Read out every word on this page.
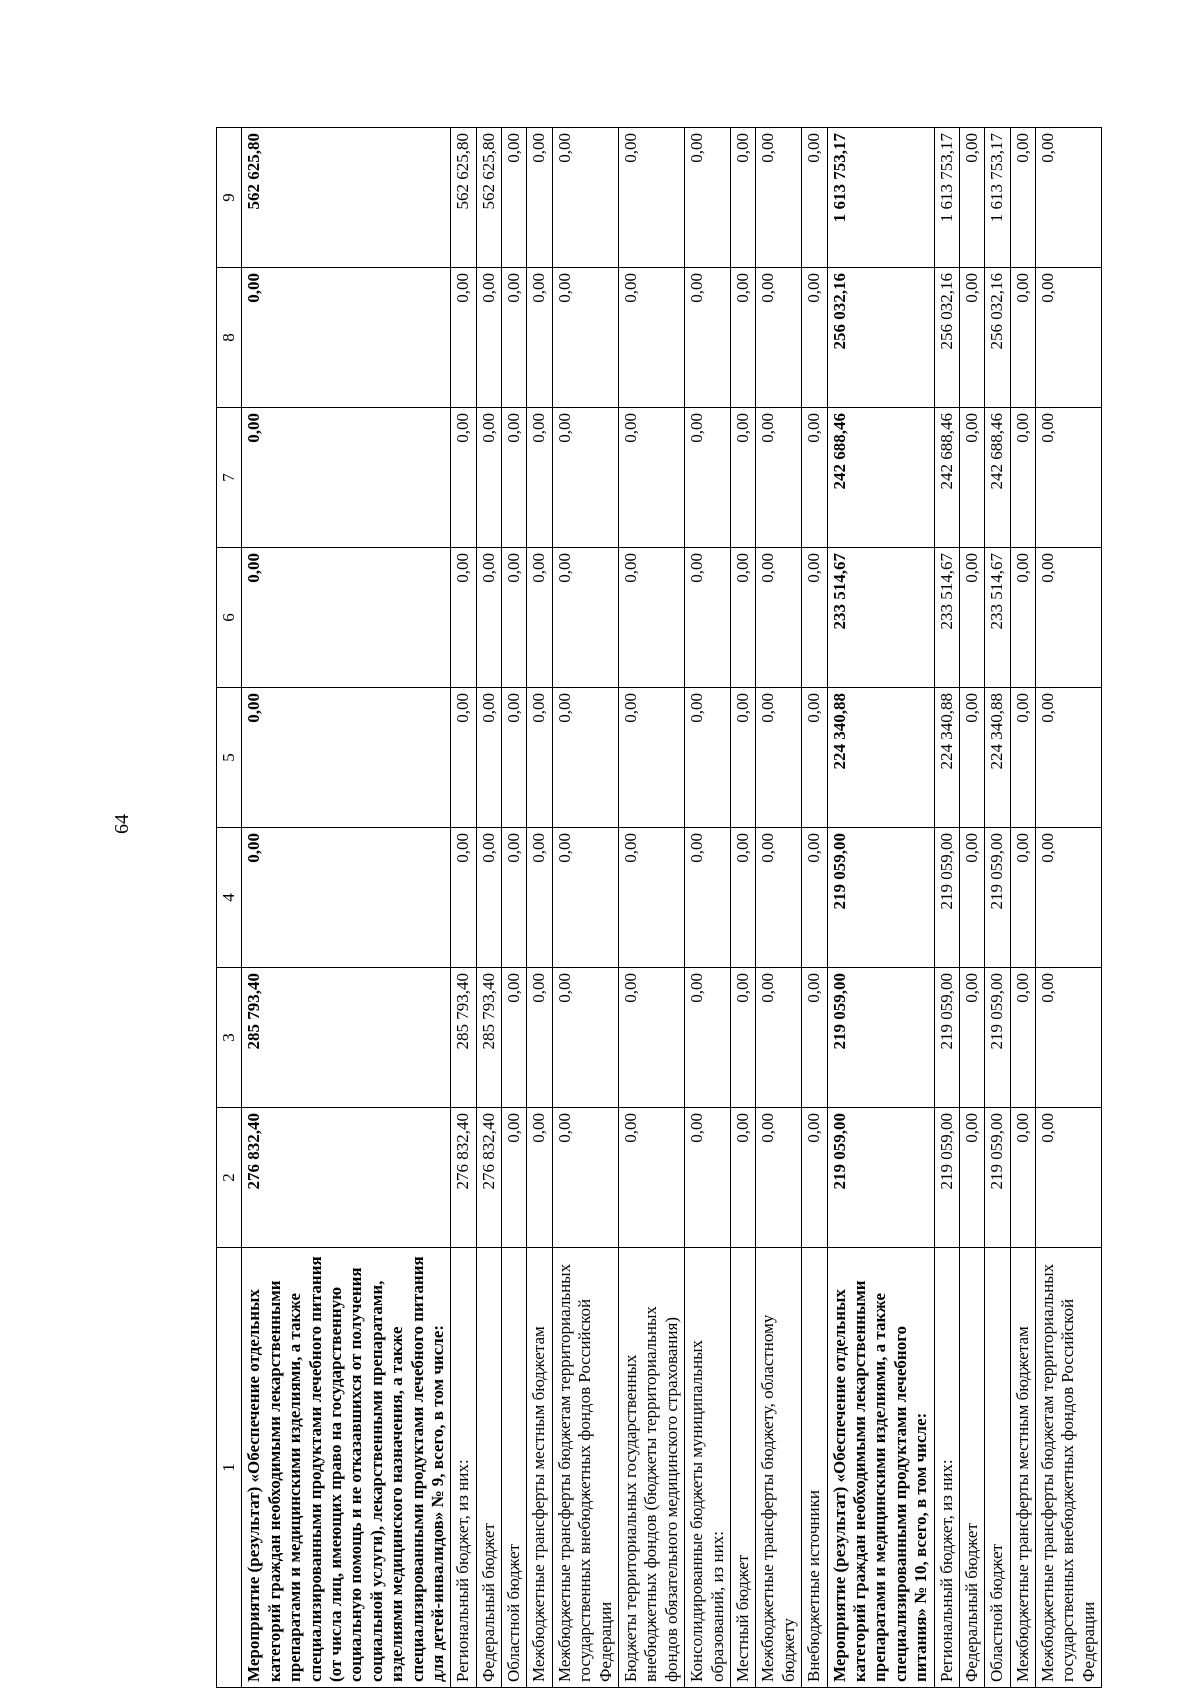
64
1	2	3	4	5	6	7	8	9
Мероприятие (результат) «Обеспечение отдельных категорий граждан необходимыми лекарственными препаратами и медицинскими изделиями, а также специализированными продуктами лечебного питания (от числа лиц, имеющих право на государственную социальную помощь и не отказавшихся от получения социальной услуги), лекарственными препаратами, изделиями медицинского назначения, а также специализированными продуктами лечебного питания для детей-инвалидов» № 9, всего, в том числе:	276 832,40	285 793,40	0,00	0,00	0,00	0,00	0,00	562 625,80
Региональный бюджет, из них:	276 832,40	285 793,40	0,00	0,00	0,00	0,00	0,00	562 625,80
Федеральный бюджет	276 832,40	285 793,40	0,00	0,00	0,00	0,00	0,00	562 625,80
Областной бюджет	0,00	0,00	0,00	0,00	0,00	0,00	0,00	0,00
Межбюджетные трансферты местным бюджетам	0,00	0,00	0,00	0,00	0,00	0,00	0,00	0,00
Межбюджетные трансферты бюджетам территориальных государственных внебюджетных фондов Российской Федерации	0,00	0,00	0,00	0,00	0,00	0,00	0,00	0,00
Бюджеты территориальных государственных внебюджетных фондов (бюджеты территориальных фондов обязательного медицинского страхования)	0,00	0,00	0,00	0,00	0,00	0,00	0,00	0,00
Консолидированные бюджеты муниципальных образований, из них:	0,00	0,00	0,00	0,00	0,00	0,00	0,00	0,00
Местный бюджет	0,00	0,00	0,00	0,00	0,00	0,00	0,00	0,00
Межбюджетные трансферты бюджету, областному бюджету	0,00	0,00	0,00	0,00	0,00	0,00	0,00	0,00
Внебюджетные источники	0,00	0,00	0,00	0,00	0,00	0,00	0,00	0,00
Мероприятие (результат) «Обеспечение отдельных категорий граждан необходимыми лекарственными препаратами и медицинскими изделиями, а также специализированными продуктами лечебного питания» № 10, всего, в том числе:	219 059,00	219 059,00	219 059,00	224 340,88	233 514,67	242 688,46	256 032,16	1 613 753,17
Региональный бюджет, из них:	219 059,00	219 059,00	219 059,00	224 340,88	233 514,67	242 688,46	256 032,16	1 613 753,17
Федеральный бюджет	0,00	0,00	0,00	0,00	0,00	0,00	0,00	0,00
Областной бюджет	219 059,00	219 059,00	219 059,00	224 340,88	233 514,67	242 688,46	256 032,16	1 613 753,17
Межбюджетные трансферты местным бюджетам	0,00	0,00	0,00	0,00	0,00	0,00	0,00	0,00
Межбюджетные трансферты бюджетам территориальных государственных внебюджетных фондов Российской Федерации	0,00	0,00	0,00	0,00	0,00	0,00	0,00	0,00
